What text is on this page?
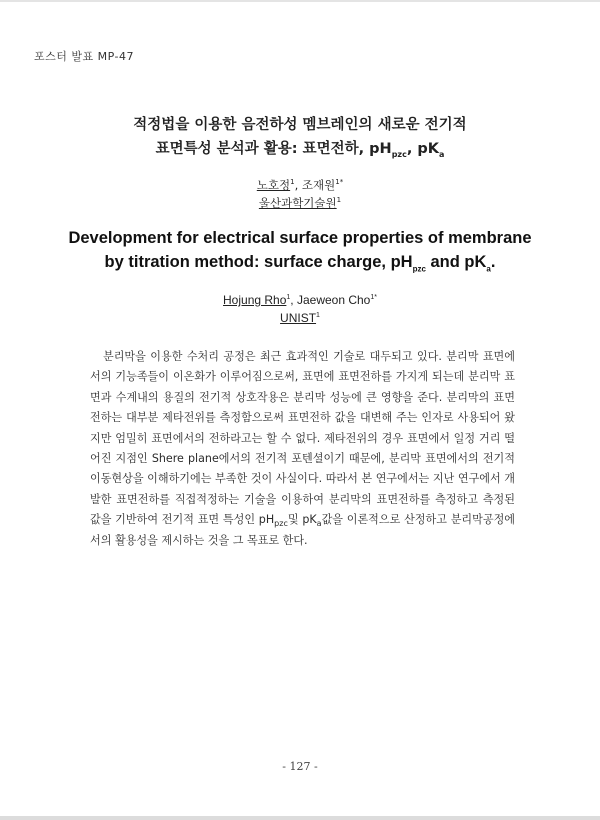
포스터 발표 MP-47
적정법을 이용한 음전하성 멤브레인의 새로운 전기적
표면특성 분석과 활용: 표면전하, $pH_{pzc}$, $pK_a$
노호정$^1$, 조재원$^{1*}$
울산과학기술원$^1$
Development for electrical surface properties of membrane
by titration method: surface charge, $pH_{pzc}$ and $pK_a$.
Hojung Rho$^1$, Jaeweon Cho$^{1*}$
UNIST$^1$
분리막을 이용한 수처리 공정은 최근 효과적인 기술로 대두되고 있다. 분리막 표면에서의 기능족들이 이온화가 이루어짐으로써, 표면에 표면전하를 가지게 되는데 분리막 표면과 수계내의 용질의 전기적 상호작용은 분리막 성능에 큰 영향을 준다. 분리막의 표면전하는 대부분 제타전위를 측정함으로써 표면전하 값을 대변해 주는 인자로 사용되어 왔지만 엄밀히 표면에서의 전하라고는 할 수 없다. 제타전위의 경우 표면에서 일정 거리 떨어진 지점인 Shere plane에서의 전기적 포텐셜이기 때문에, 분리막 표면에서의 전기적 이동현상을 이해하기에는 부족한 것이 사실이다. 따라서 본 연구에서는 지난 연구에서 개발한 표면전하를 직접적정하는 기술을 이용하여 분리막의 표면전하를 측정하고 측정된 값을 기반하여 전기적 표면 특성인 $pH_{pzc}$및 $pK_a$값을 이론적으로 산정하고 분리막공정에서의 활용성을 제시하는 것을 그 목표로 한다.
- 127 -
